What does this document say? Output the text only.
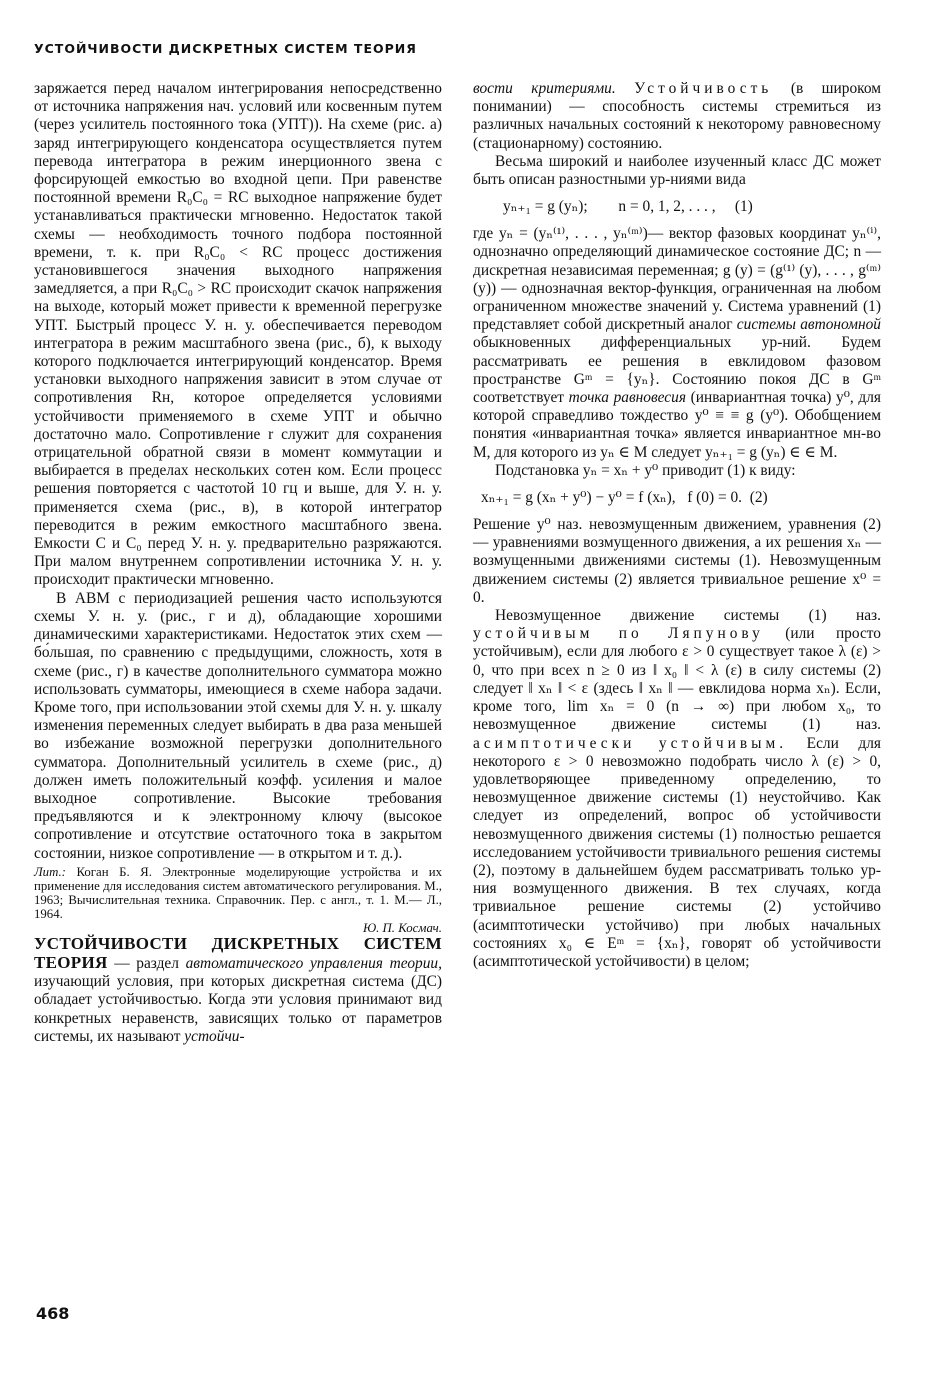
УСТОЙЧИВОСТИ ДИСКРЕТНЫХ СИСТЕМ ТЕОРИЯ

заряжается перед началом интегрирования непосредственно от источника напряжения нач. условий или косвенным путем (через усилитель постоянного тока (УПТ)). На схеме (рис. а) заряд интегрирующего конденсатора осуществляется путем перевода интегратора в режим инерционного звена с форсирующей емкостью во входной цепи. При равенстве постоянной времени R₀C₀ = RC выходное напряжение будет устанавливаться практически мгновенно. Недостаток такой схемы — необходимость точного подбора постоянной времени, т. к. при R₀C₀ < RC процесс достижения установившегося значения выходного напряжения замедляется, а при R₀C₀ > RC происходит скачок напряжения на выходе, который может привести к временной перегрузке УПТ. Быстрый процесс У. н. у. обеспечивается переводом интегратора в режим масштабного звена (рис., б), к выходу которого подключается интегрирующий конденсатор. Время установки выходного напряжения зависит в этом случае от сопротивления Rн, которое определяется условиями устойчивости применяемого в схеме УПТ и обычно достаточно мало. Сопротивление r служит для сохранения отрицательной обратной связи в момент коммутации и выбирается в пределах нескольких сотен ком. Если процесс решения повторяется с частотой 10 гц и выше, для У. н. у. применяется схема (рис., в), в которой интегратор переводится в режим емкостного масштабного звена. Емкости C и C₀ перед У. н. у. предварительно разряжаются. При малом внутреннем сопротивлении источника У. н. у. происходит практически мгновенно.

В АВМ с периодизацией решения часто используются схемы У. н. у. (рис., г и д), обладающие хорошими динамическими характеристиками. Недостаток этих схем — бо́льшая, по сравнению с предыдущими, сложность, хотя в схеме (рис., г) в качестве дополнительного сумматора можно использовать сумматоры, имеющиеся в схеме набора задачи. Кроме того, при использовании этой схемы для У. н. у. шкалу изменения переменных следует выбирать в два раза меньшей во избежание возможной перегрузки дополнительного сумматора. Дополнительный усилитель в схеме (рис., д) должен иметь положительный коэфф. усиления и малое выходное сопротивление. Высокие требования предъявляются и к электронному ключу (высокое сопротивление и отсутствие остаточного тока в закрытом состоянии, низкое сопротивление — в открытом и т. д.).

Лит.: Коган Б. Я. Электронные моделирующие устройства и их применение для исследования систем автоматического регулирования. М., 1963; Вычислительная техника. Справочник. Пер. с англ., т. 1. М.— Л., 1964.
Ю. П. Космач.

УСТОЙЧИВОСТИ ДИСКРЕТНЫХ СИСТЕМ ТЕОРИЯ — раздел автоматического управления теории, изучающий условия, при которых дискретная система (ДС) обладает устойчивостью. Когда эти условия принимают вид конкретных неравенств, зависящих только от параметров системы, их называют устойчи-

вости критериями. Устойчивость (в широком понимании) — способность системы стремиться из различных начальных состояний к некоторому равновесному (стационарному) состоянию.

Весьма широкий и наиболее изученный класс ДС может быть описан разностными ур-ниями вида

yₙ₊₁ = g (yₙ);        n = 0, 1, 2, . . . ,     (1)

где yₙ = (yₙ⁽¹⁾, . . . , yₙ⁽ᵐ⁾)— вектор фазовых координат yₙ⁽ⁱ⁾, однозначно определяющий динамическое состояние ДС; n — дискретная независимая переменная; g (y) = (g⁽¹⁾ (y), . . . , g⁽ᵐ⁾ (y)) — однозначная вектор-функция, ограниченная на любом ограниченном множестве значений y. Система уравнений (1) представляет собой дискретный аналог системы автономной обыкновенных дифференциальных ур-ний. Будем рассматривать ее решения в евклидовом фазовом пространстве Gᵐ = {yₙ}. Состоянию покоя ДС в Gᵐ соответствует точка равновесия (инвариантная точка) y⁰, для которой справедливо тождество y⁰ ≡ ≡ g (y⁰). Обобщением понятия «инвариантная точка» является инвариантное мн-во M, для которого из yₙ ∈ M следует yₙ₊₁ = g (yₙ) ∈ ∈ M.

Подстановка yₙ = xₙ + y⁰ приводит (1) к виду:

xₙ₊₁ = g (xₙ + y⁰) − y⁰ = f (xₙ),   f (0) = 0.  (2)

Решение y⁰ наз. невозмущенным движением, уравнения (2) — уравнениями возмущенного движения, а их решения xₙ — возмущенными движениями системы (1). Невозмущенным движением системы (2) является тривиальное решение x⁰ = 0.

Невозмущенное движение системы (1) наз. устойчивым по Ляпунову (или просто устойчивым), если для любого ε > 0 существует такое λ (ε) > 0, что при всех n ≥ 0 из ‖ x₀ ‖ < λ (ε) в силу системы (2) следует ‖ xₙ ‖ < ε (здесь ‖ xₙ ‖ — евклидова норма xₙ). Если, кроме того, lim xₙ = 0 (n → ∞) при любом x₀, то невозмущенное движение системы (1) наз. асимптотически устойчивым. Если для некоторого ε > 0 невозможно подобрать число λ (ε) > 0, удовлетворяющее приведенному определению, то невозмущенное движение системы (1) неустойчиво. Как следует из определений, вопрос об устойчивости невозмущенного движения системы (1) полностью решается исследованием устойчивости тривиального решения системы (2), поэтому в дальнейшем будем рассматривать только ур-ния возмущенного движения. В тех случаях, когда тривиальное решение системы (2) устойчиво (асимптотически устойчиво) при любых начальных состояниях x₀ ∈ Eᵐ = {xₙ}, говорят об устойчивости (асимптотической устойчивости) в целом;

468
